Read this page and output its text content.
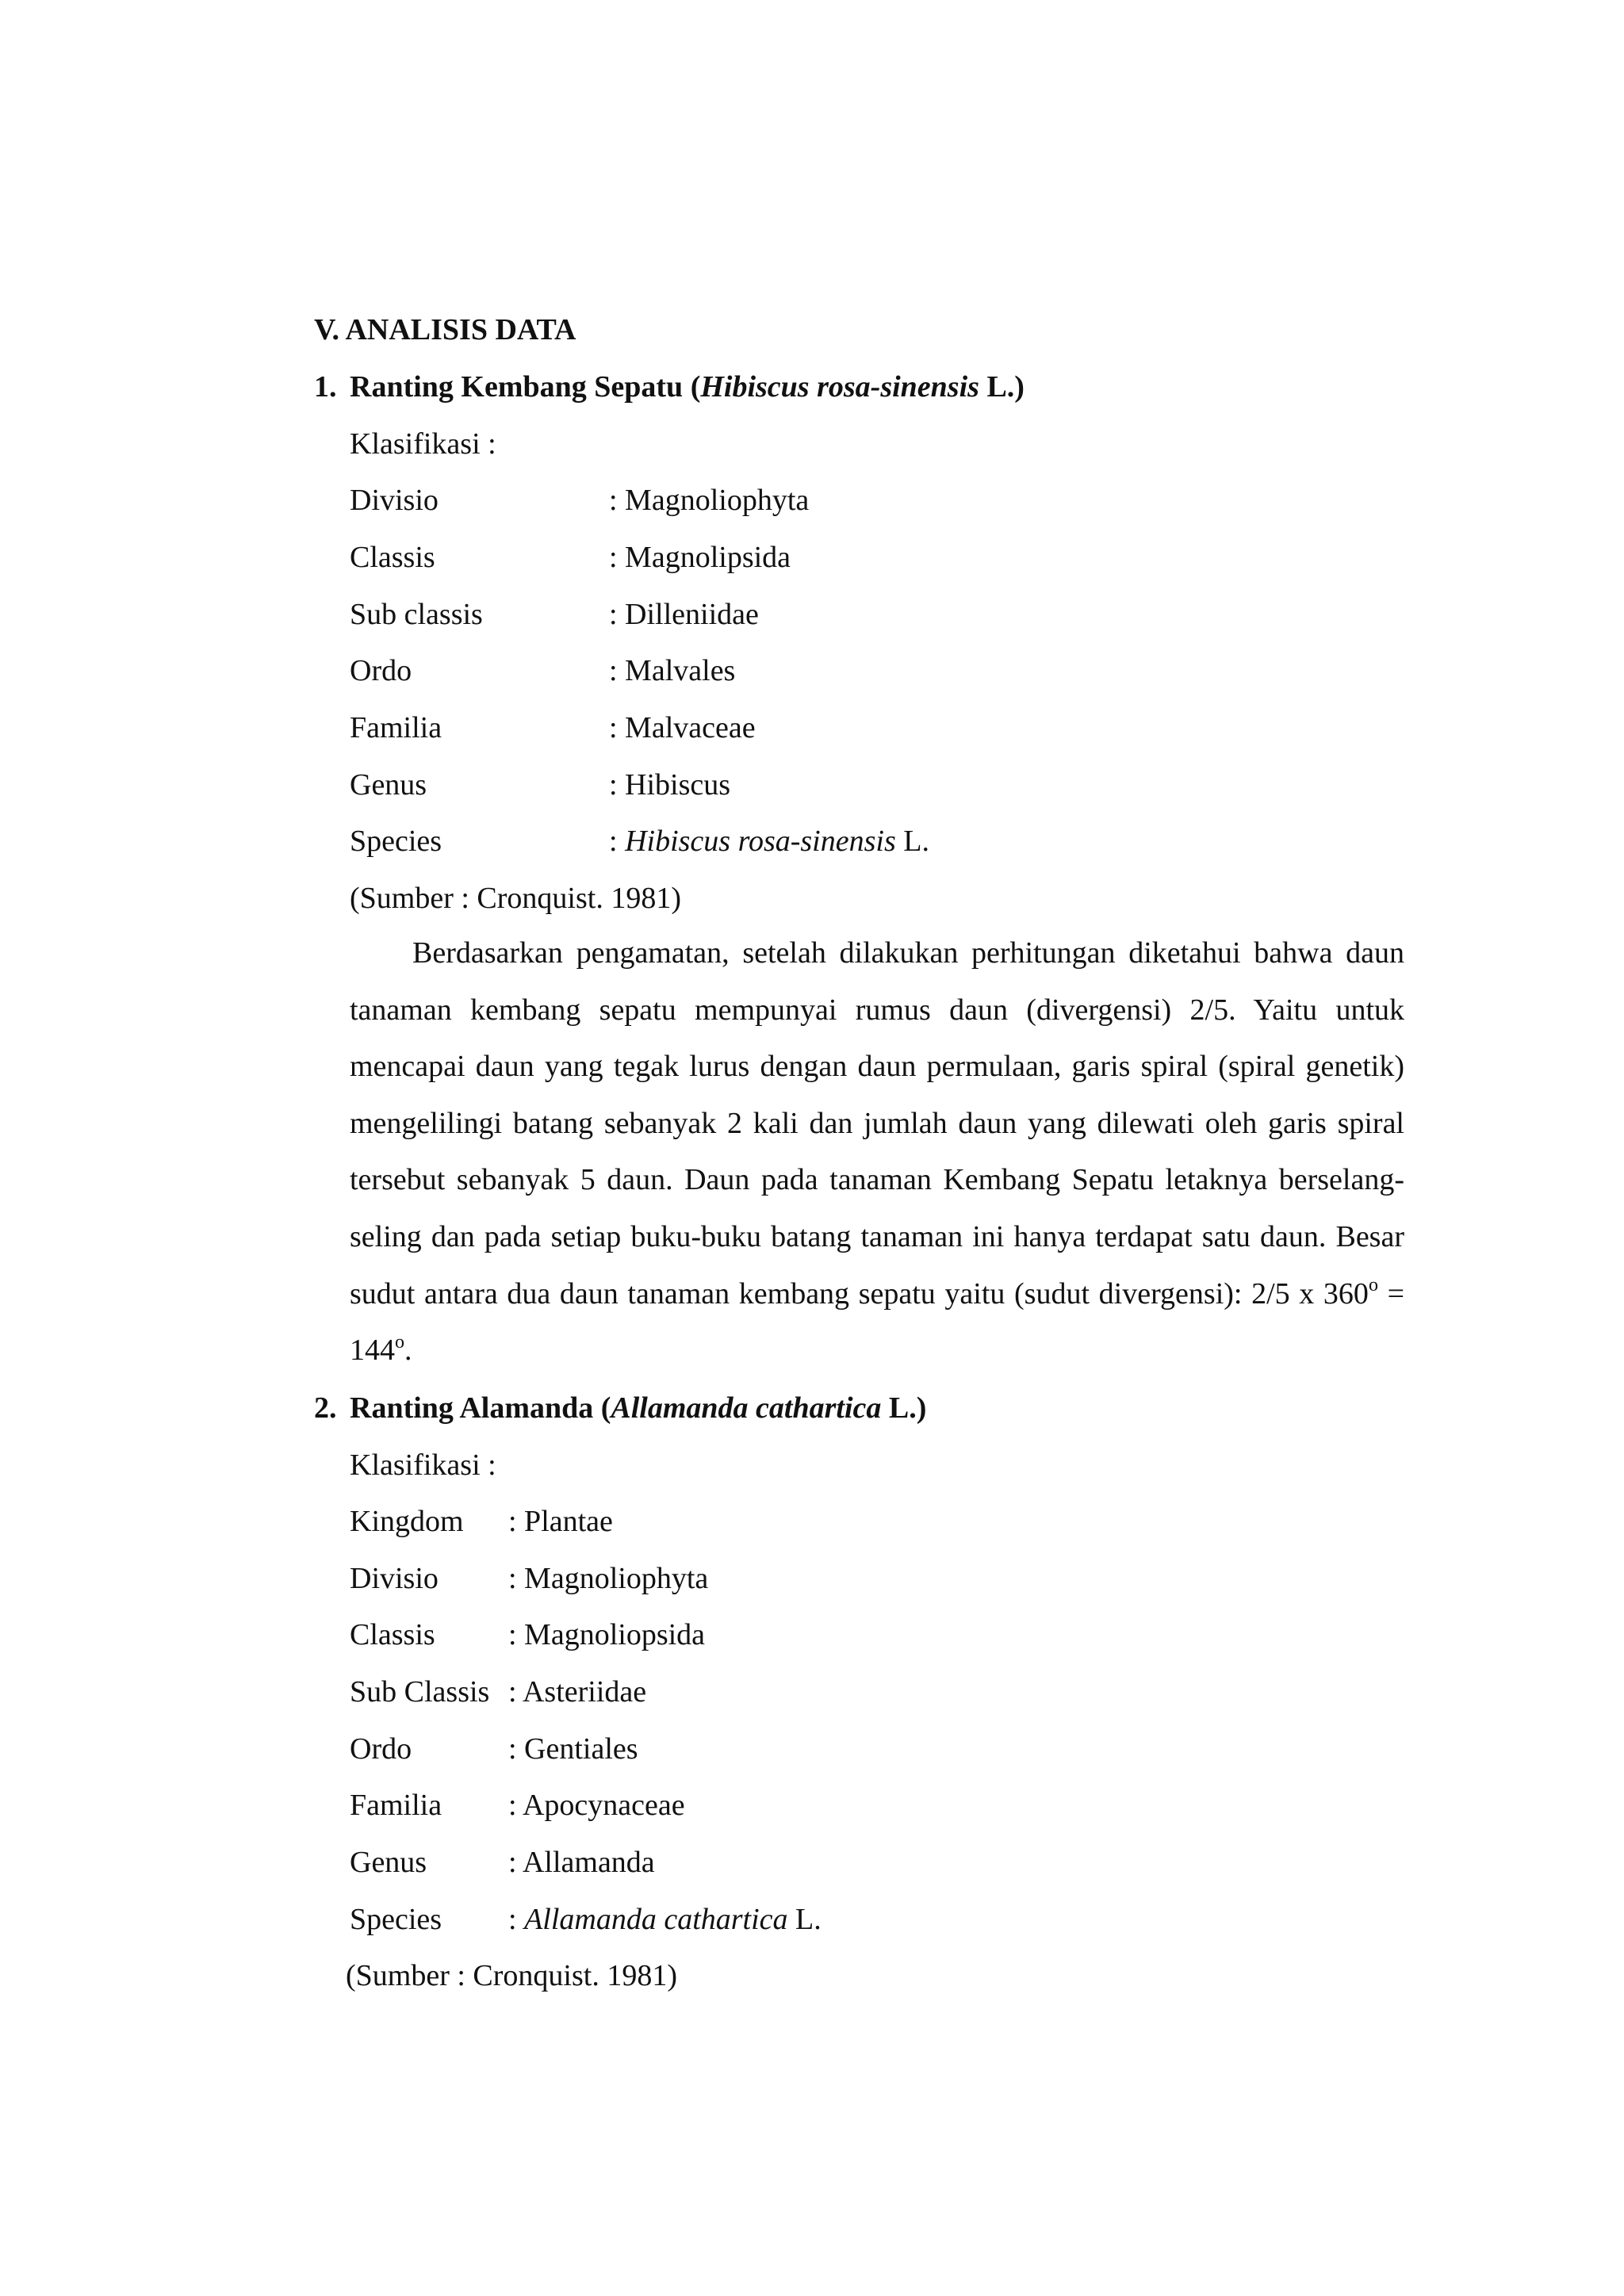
V. ANALISIS DATA
1. Ranting Kembang Sepatu (Hibiscus rosa-sinensis L.)
Klasifikasi :
Divisio	: Magnoliophyta
Classis	: Magnolipsida
Sub classis	: Dilleniidae
Ordo	: Malvales
Familia	: Malvaceae
Genus	: Hibiscus
Species	: Hibiscus rosa-sinensis L.
(Sumber : Cronquist. 1981)

Berdasarkan pengamatan, setelah dilakukan perhitungan diketahui bahwa daun tanaman kembang sepatu mempunyai rumus daun (divergensi) 2/5. Yaitu untuk mencapai daun yang tegak lurus dengan daun permulaan, garis spiral (spiral genetik) mengelilingi batang sebanyak 2 kali dan jumlah daun yang dilewati oleh garis spiral tersebut sebanyak 5 daun. Daun pada tanaman Kembang Sepatu letaknya berselang-seling dan pada setiap buku-buku batang tanaman ini hanya terdapat satu daun. Besar sudut antara dua daun tanaman kembang sepatu yaitu (sudut divergensi): 2/5 x $360^o = 144^o$.

2. Ranting Alamanda (Allamanda cathartica L.)
Klasifikasi :
Kingdom : Plantae
Divisio : Magnoliophyta
Classis : Magnoliopsida
Sub Classis : Asteriidae
Ordo	: Gentiales
Familia : Apocynaceae
Genus	: Allamanda
Species : Allamanda cathartica L.
(Sumber : Cronquist. 1981)
